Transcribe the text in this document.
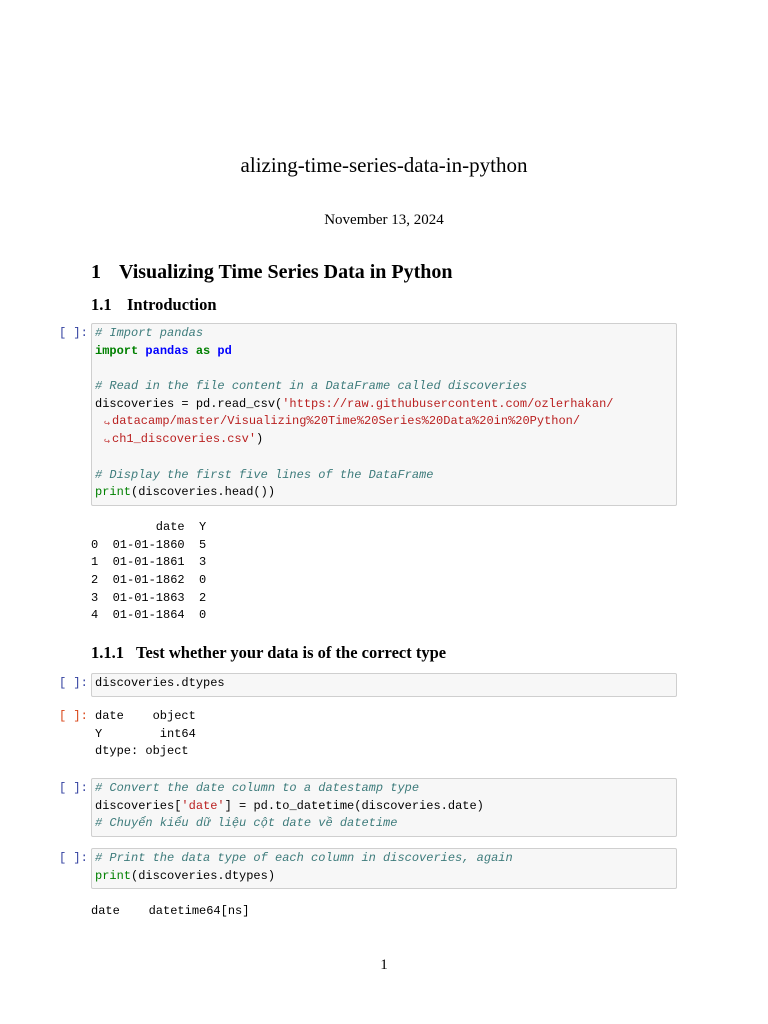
alizing-time-series-data-in-python
November 13, 2024
1 Visualizing Time Series Data in Python
1.1 Introduction
[ ]: # Import pandas
import pandas as pd
# Read in the file content in a DataFrame called discoveries
discoveries = pd.read_csv('https://raw.githubusercontent.com/ozlerhakan/
↪ datacamp/master/Visualizing%20Time%20Series%20Data%20in%20Python/
↪ ch1_discoveries.csv')
# Display the first five lines of the DataFrame
print(discoveries.head())
date  Y
0  01-01-1860  5
1  01-01-1861  3
2  01-01-1862  0
3  01-01-1863  2
4  01-01-1864  0
1.1.1 Test whether your data is of the correct type
[ ]: discoveries.dtypes
[ ]: date    object
Y        int64
dtype: object
[ ]: # Convert the date column to a datestamp type
discoveries['date'] = pd.to_datetime(discoveries.date)
# Chuyển kiểu dữ liệu cột date về datetime
[ ]: # Print the data type of each column in discoveries, again
print(discoveries.dtypes)
date    datetime64[ns]
1
